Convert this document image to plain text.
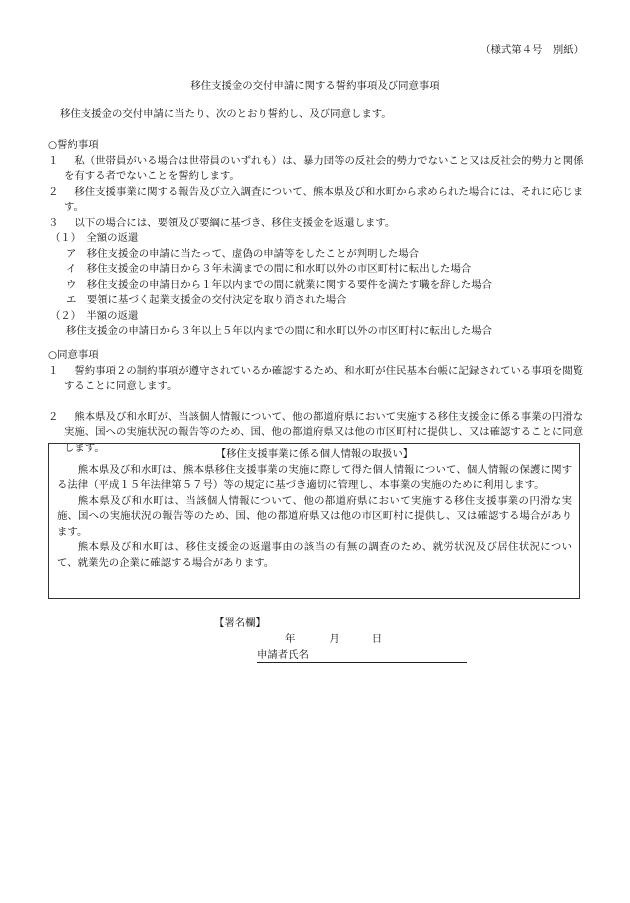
（様式第４号　別紙）
移住支援金の交付申請に関する誓約事項及び同意事項
移住支援金の交付申請に当たり、次のとおり誓約し、及び同意します。
○誓約事項
１	私（世帯員がいる場合は世帯員のいずれも）は、暴力団等の反社会的勢力でないこと又は反社会的勢力と関係を有する者でないことを誓約します。
２	移住支援事業に関する報告及び立入調査について、熊本県及び和水町から求められた場合には、それに応じます。
３	以下の場合には、要領及び要綱に基づき、移住支援金を返還します。
（１）　全額の返還
ア　移住支援金の申請に当たって、虚偽の申請等をしたことが判明した場合
イ　移住支援金の申請日から３年未満までの間に和水町以外の市区町村に転出した場合
ウ　移住支援金の申請日から１年以内までの間に就業に関する要件を満たす職を辞した場合
エ　要領に基づく起業支援金の交付決定を取り消された場合
（２）　半額の返還
移住支援金の申請日から３年以上５年以内までの間に和水町以外の市区町村に転出した場合
○同意事項
１	誓約事項２の制約事項が遵守されているか確認するため、和水町が住民基本台帳に記録されている事項を閲覧することに同意します。
２	熊本県及び和水町が、当該個人情報について、他の都道府県において実施する移住支援金に係る事業の円滑な実施、国への実施状況の報告等のため、国、他の都道府県又は他の市区町村に提供し、又は確認することに同意します。
【移住支援事業に係る個人情報の取扱い】
熊本県及び和水町は、熊本県移住支援事業の実施に際して得た個人情報について、個人情報の保護に関する法律（平成１５年法律第５７号）等の規定に基づき適切に管理し、本事業の実施のために利用します。
熊本県及び和水町は、当該個人情報について、他の都道府県において実施する移住支援事業の円滑な実施、国への実施状況の報告等のため、国、他の都道府県又は他の市区町村に提供し、又は確認する場合があります。
熊本県及び和水町は、移住支援金の返還事由の該当の有無の調査のため、就労状況及び居住状況について、就業先の企業に確認する場合があります。
【署名欄】
年	月	日
申請者氏名
